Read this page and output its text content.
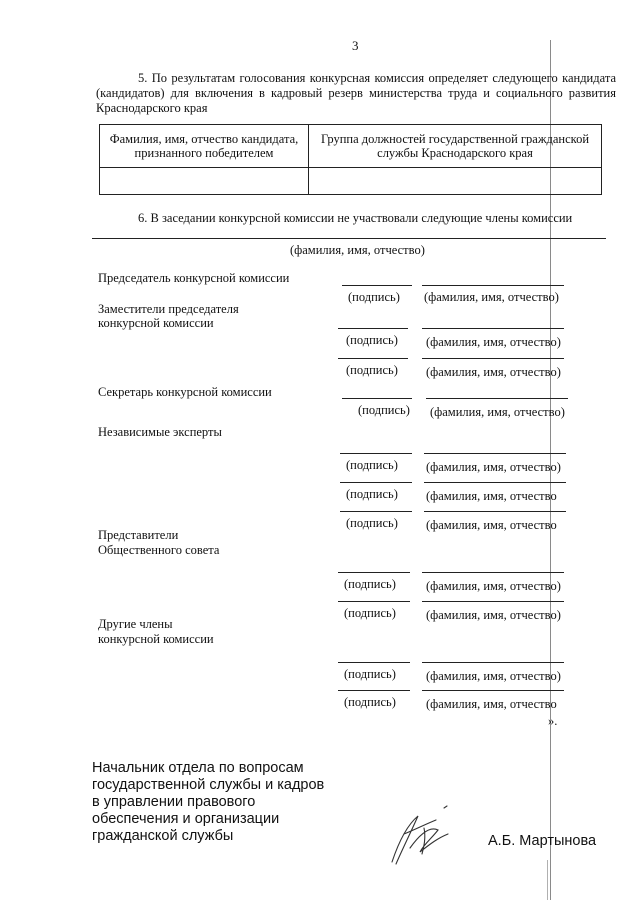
3
5. По результатам голосования конкурсная комиссия определяет следующего кандидата (кандидатов) для включения в кадровый резерв министерства труда и социального развития Краснодарского края
Фамилия, имя, отчество кандидата, признанного победителем	Группа должностей государственной гражданской службы Краснодарского края

6. В заседании конкурсной комиссии не участвовали следующие члены комиссии
(фамилия, имя, отчество)
Председатель конкурсной комиссии
(подпись) (фамилия, имя, отчество)
Заместители председателя
конкурсной комиссии
(подпись) (фамилия, имя, отчество)
(подпись) (фамилия, имя, отчество)
Секретарь конкурсной комиссии
(подпись) (фамилия, имя, отчество)
Независимые эксперты
(подпись) (фамилия, имя, отчество)
(подпись) (фамилия, имя, отчество
(подпись) (фамилия, имя, отчество
Представители
Общественного совета
(подпись) (фамилия, имя, отчество)
(подпись) (фамилия, имя, отчество)
Другие члены
конкурсной комиссии
(подпись) (фамилия, имя, отчество)
(подпись) (фамилия, имя, отчество
».
Начальник отдела по вопросам
государственной службы и кадров
в управлении правового
обеспечения и организации
гражданской службы	А.Б. Мартынова
